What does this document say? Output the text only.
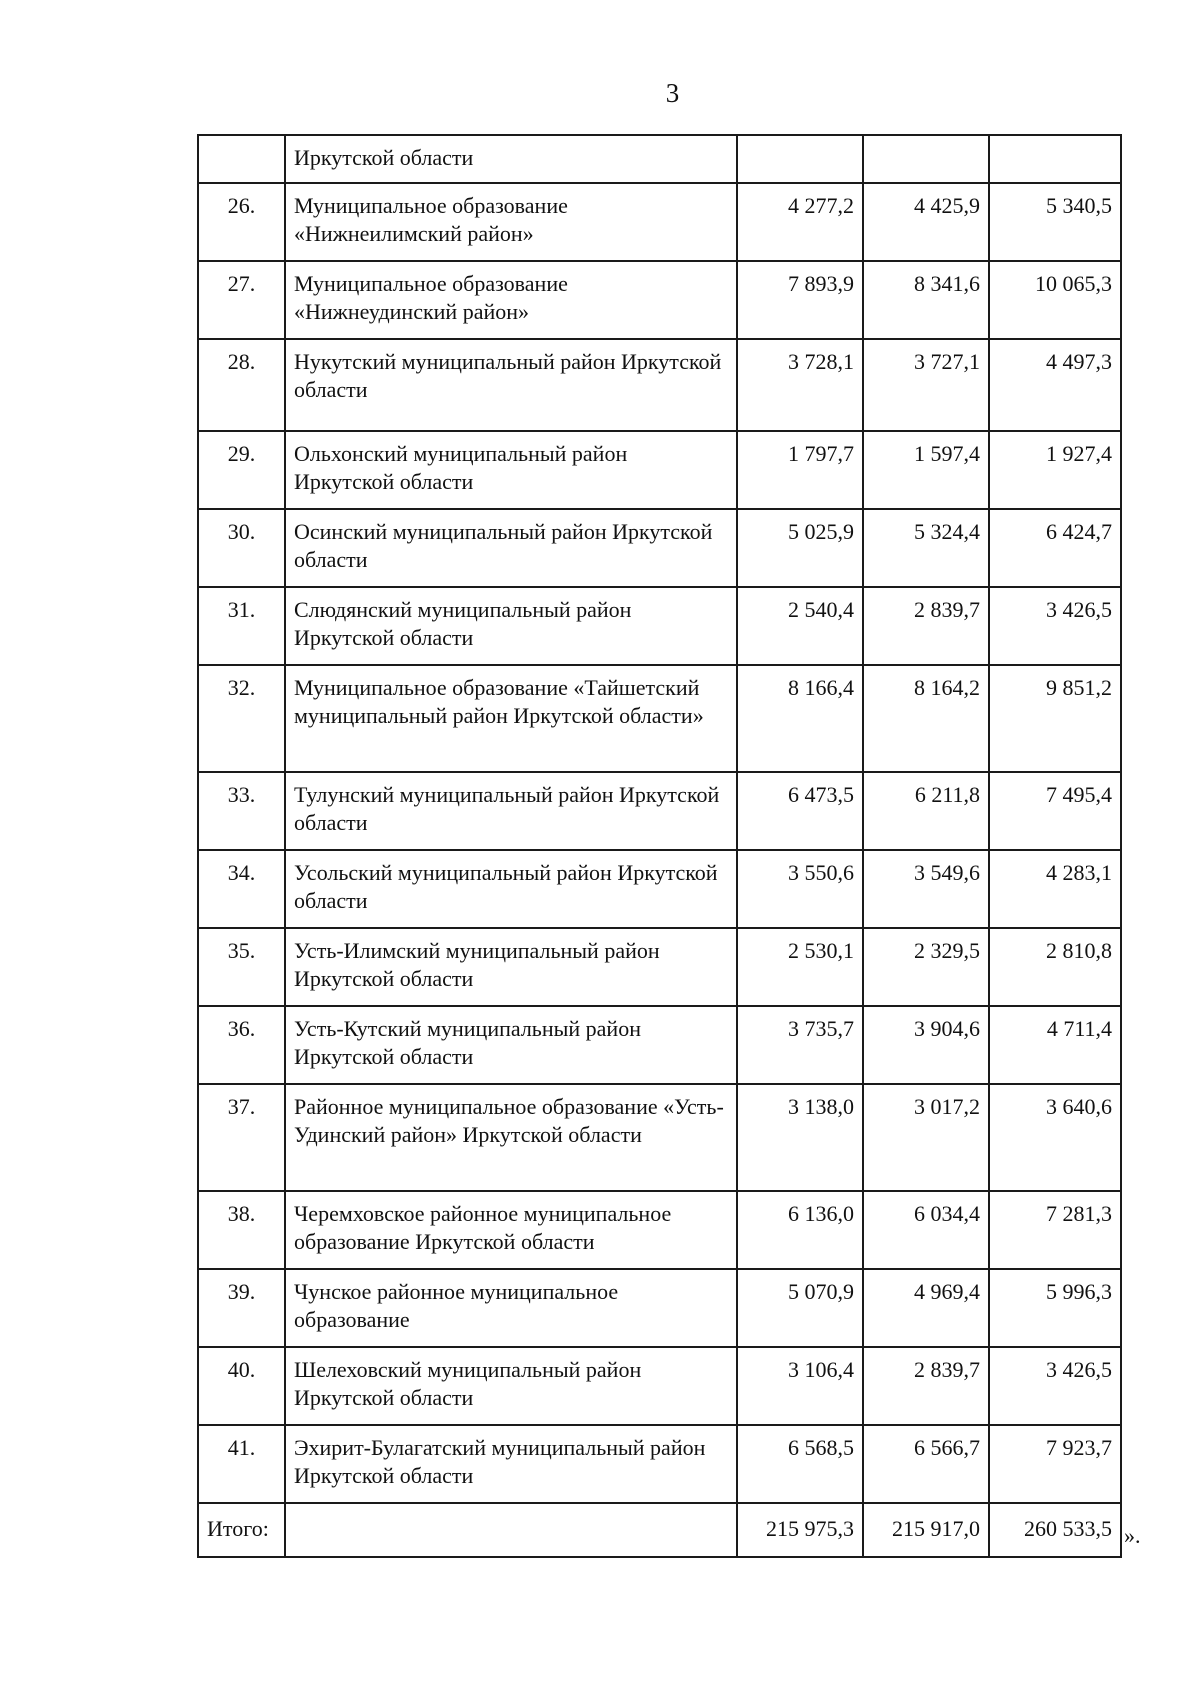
3
	Иркутской области			
26.	Муниципальное образование «Нижнеилимский район»	4 277,2	4 425,9	5 340,5
27.	Муниципальное образование «Нижнеудинский район»	7 893,9	8 341,6	10 065,3
28.	Нукутский муниципальный район Иркутской области	3 728,1	3 727,1	4 497,3
29.	Ольхонский муниципальный район Иркутской области	1 797,7	1 597,4	1 927,4
30.	Осинский муниципальный район Иркутской области	5 025,9	5 324,4	6 424,7
31.	Слюдянский муниципальный район Иркутской области	2 540,4	2 839,7	3 426,5
32.	Муниципальное образование «Тайшетский муниципальный район Иркутской области»	8 166,4	8 164,2	9 851,2
33.	Тулунский муниципальный район Иркутской области	6 473,5	6 211,8	7 495,4
34.	Усольский муниципальный район Иркутской области	3 550,6	3 549,6	4 283,1
35.	Усть-Илимский муниципальный район Иркутской области	2 530,1	2 329,5	2 810,8
36.	Усть-Кутский муниципальный район Иркутской области	3 735,7	3 904,6	4 711,4
37.	Районное муниципальное образование «Усть-Удинский район» Иркутской области	3 138,0	3 017,2	3 640,6
38.	Черемховское районное муниципальное образование Иркутской области	6 136,0	6 034,4	7 281,3
39.	Чунское районное муниципальное образование	5 070,9	4 969,4	5 996,3
40.	Шелеховский муниципальный район Иркутской области	3 106,4	2 839,7	3 426,5
41.	Эхирит-Булагатский муниципальный район Иркутской области	6 568,5	6 566,7	7 923,7
Итого:		215 975,3	215 917,0	260 533,5 ».
